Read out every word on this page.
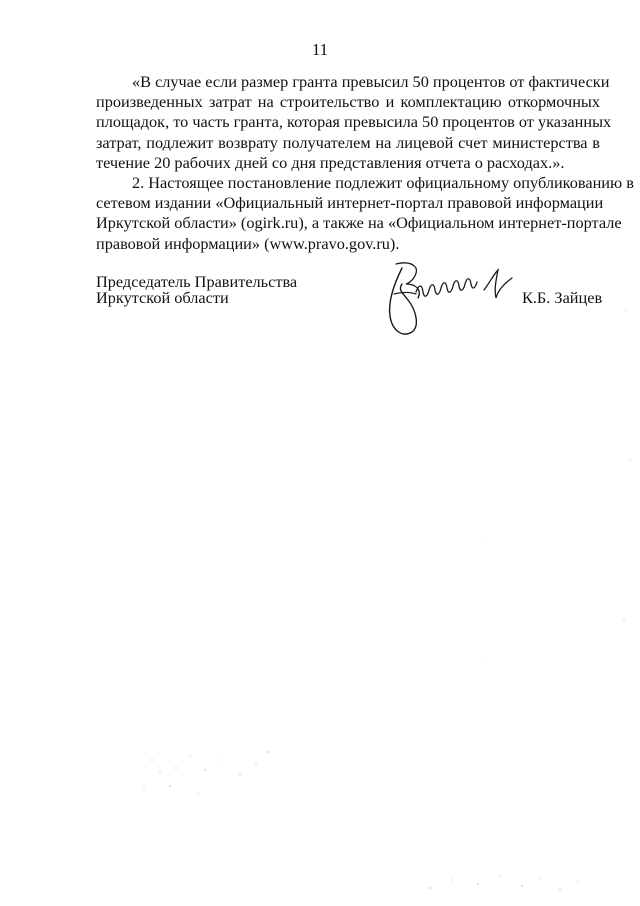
11

«В случае если размер гранта превысил 50 процентов от фактически
произведенных затрат на строительство и комплектацию откормочных
площадок, то часть гранта, которая превысила 50 процентов от указанных
затрат, подлежит возврату получателем на лицевой счет министерства в
течение 20 рабочих дней со дня представления отчета о расходах.».

2. Настоящее постановление подлежит официальному опубликованию в
сетевом издании «Официальный интернет-портал правовой информации
Иркутской области» (ogirk.ru), а также на «Официальном интернет-портале
правовой информации» (www.pravo.gov.ru).

Председатель Правительства
Иркутской области	К.Б. Зайцев
